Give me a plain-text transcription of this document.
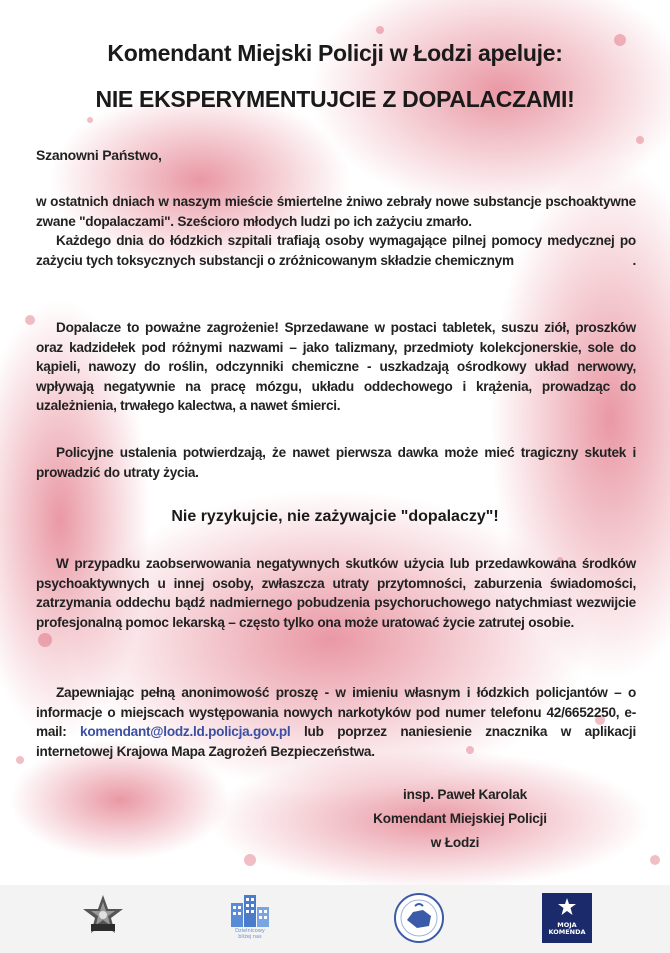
Komendant Miejski Policji w Łodzi apeluje:
NIE EKSPERYMENTUJCIE Z DOPALACZAMI!
Szanowni Państwo,
w ostatnich dniach w naszym mieście śmiertelne żniwo zebrały nowe substancje pschoaktywne zwane "dopalaczami". Sześcioro młodych ludzi po ich zażyciu zmarło.
Każdego dnia do łódzkich szpitali trafiają osoby wymagające pilnej pomocy medycznej po zażyciu tych toksycznych substancji o zróżnicowanym składzie chemicznym	.
Dopalacze to poważne zagrożenie! Sprzedawane w postaci tabletek, suszu ziół, proszków oraz kadzidełek pod różnymi nazwami – jako talizmany, przedmioty kolekcjonerskie, sole do kąpieli, nawozy do roślin, odczynniki chemiczne - uszkadzają ośrodkowy układ nerwowy, wpływają negatywnie na pracę mózgu, układu oddechowego i krążenia, prowadząc do uzależnienia, trwałego kalectwa, a nawet śmierci.
Policyjne ustalenia potwierdzają, że nawet pierwsza dawka może mieć tragiczny skutek i prowadzić do utraty życia.
Nie ryzykujcie, nie zażywajcie "dopalaczy"!
W przypadku zaobserwowania negatywnych skutków użycia lub przedawkowana środków psychoaktywnych u innej osoby, zwłaszcza utraty przytomności, zaburzenia świadomości, zatrzymania oddechu bądź nadmiernego pobudzenia psychoruchowego natychmiast wezwijcie profesjonalną pomoc lekarską – często tylko ona może uratować życie zatrutej osobie.
Zapewniając pełną anonimowość proszę - w imieniu własnym i łódzkich policjantów – o informacje o miejscach występowania nowych narkotyków pod numer telefonu 42/6652250, e-mail: komendant@lodz.ld.policja.gov.pl lub poprzez naniesienie znacznika w aplikacji internetowej Krajowa Mapa Zagrożeń Bezpieczeństwa.
insp. Paweł Karolak
Komendant Miejskiej Policji
w Łodzi
Dzielnicowy
bliżej nas
MOJA
KOMENDA
